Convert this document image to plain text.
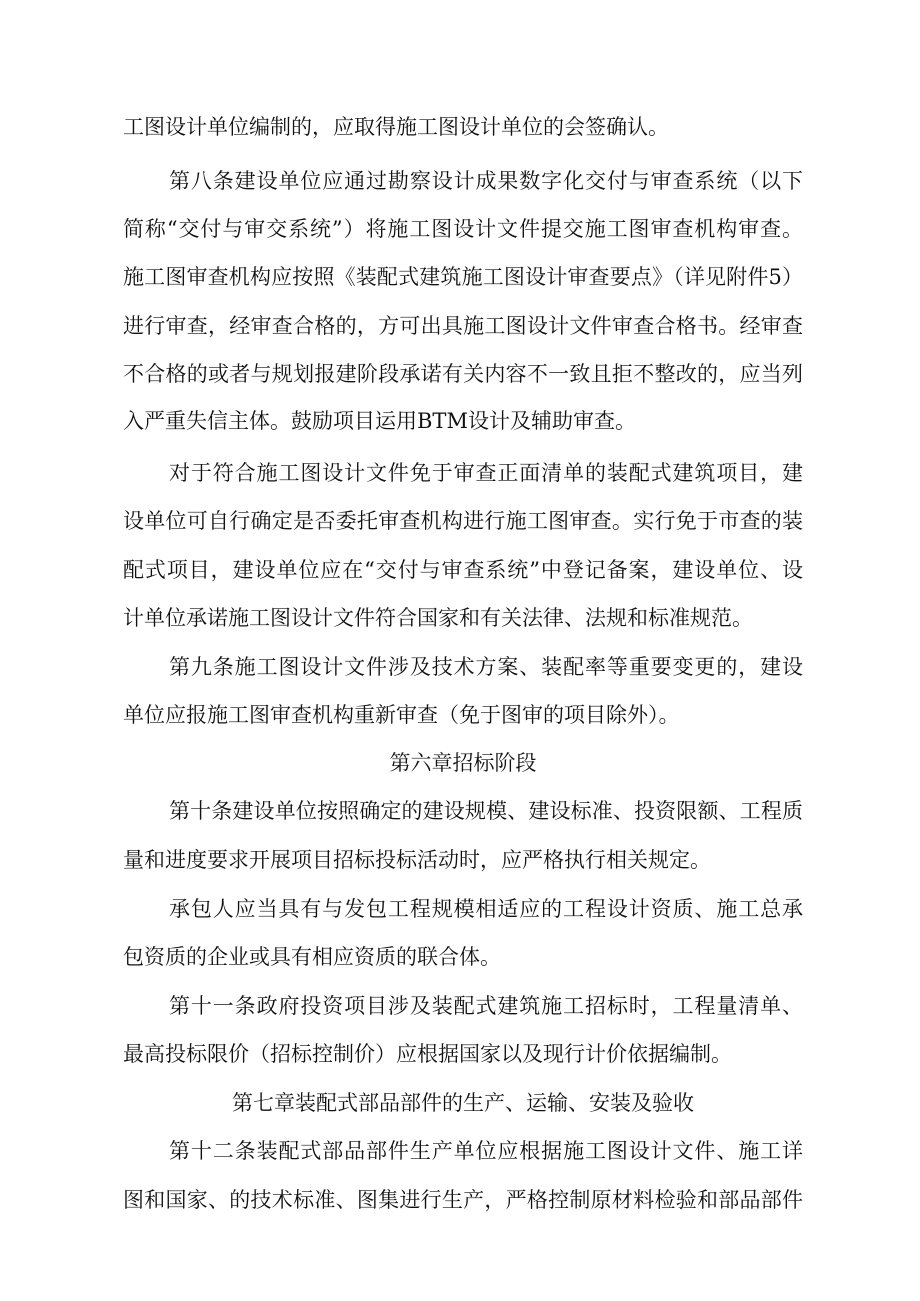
工图设计单位编制的，应取得施工图设计单位的会签确认。
第八条建设单位应通过勘察设计成果数字化交付与审查系统（以下
简称“交付与审交系统”）将施工图设计文件提交施工图审查机构审查。
施工图审查机构应按照《装配式建筑施工图设计审查要点》（详见附件5）
进行审查，经审查合格的，方可出具施工图设计文件审查合格书。经审查
不合格的或者与规划报建阶段承诺有关内容不一致且拒不整改的，应当列
入严重失信主体。鼓励项目运用BTM设计及辅助审查。
对于符合施工图设计文件免于审查正面清单的装配式建筑项目，建
设单位可自行确定是否委托审查机构进行施工图审查。实行免于市查的装
配式项目，建设单位应在“交付与审查系统”中登记备案，建设单位、设
计单位承诺施工图设计文件符合国家和有关法律、法规和标准规范。
第九条施工图设计文件涉及技术方案、装配率等重要变更的，建设
单位应报施工图审查机构重新审查（免于图审的项目除外）。
第六章招标阶段
第十条建设单位按照确定的建设规模、建设标准、投资限额、工程质
量和进度要求开展项目招标投标活动时，应严格执行相关规定。
承包人应当具有与发包工程规模相适应的工程设计资质、施工总承
包资质的企业或具有相应资质的联合体。
第十一条政府投资项目涉及装配式建筑施工招标时，工程量清单、
最高投标限价（招标控制价）应根据国家以及现行计价依据编制。
第七章装配式部品部件的生产、运输、安装及验收
第十二条装配式部品部件生产单位应根据施工图设计文件、施工详
图和国家、的技术标准、图集进行生产，严格控制原材料检验和部品部件
